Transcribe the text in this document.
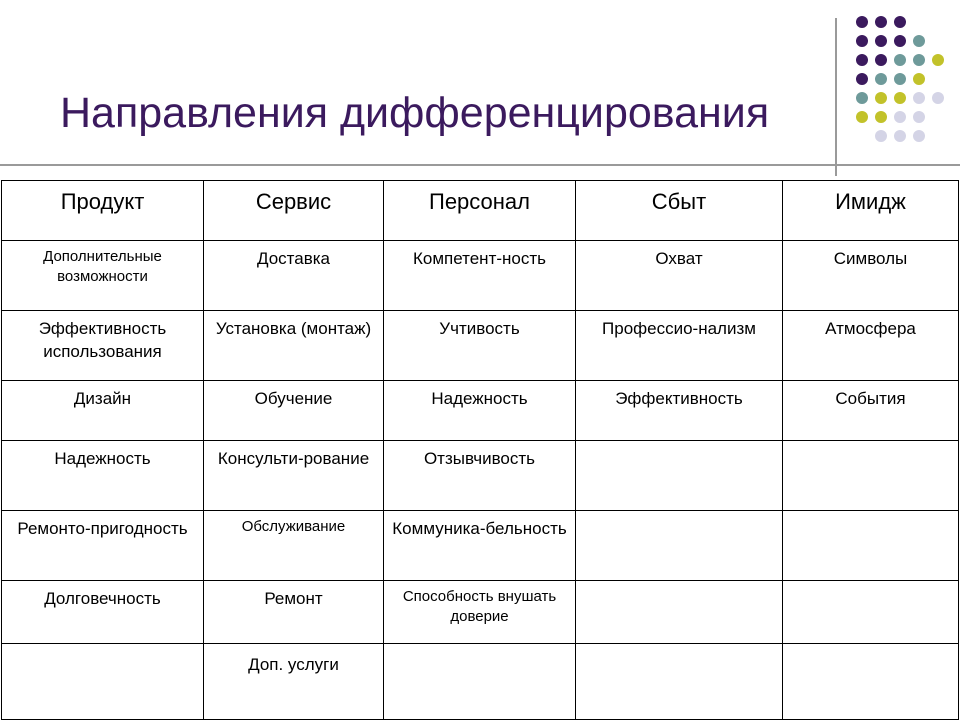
Направления дифференцирования
Продукт	Сервис	Персонал	Сбыт	Имидж
Дополнительные возможности	Доставка	Компетент-ность	Охват	Символы
Эффективность использования	Установка (монтаж)	Учтивость	Профессио-нализм	Атмосфера
Дизайн	Обучение	Надежность	Эффективность	События
Надежность	Консульти-рование	Отзывчивость		
Ремонто-пригодность	Обслуживание	Коммуника-бельность		
Долговечность	Ремонт	Способность внушать доверие		
	Доп. услуги			
